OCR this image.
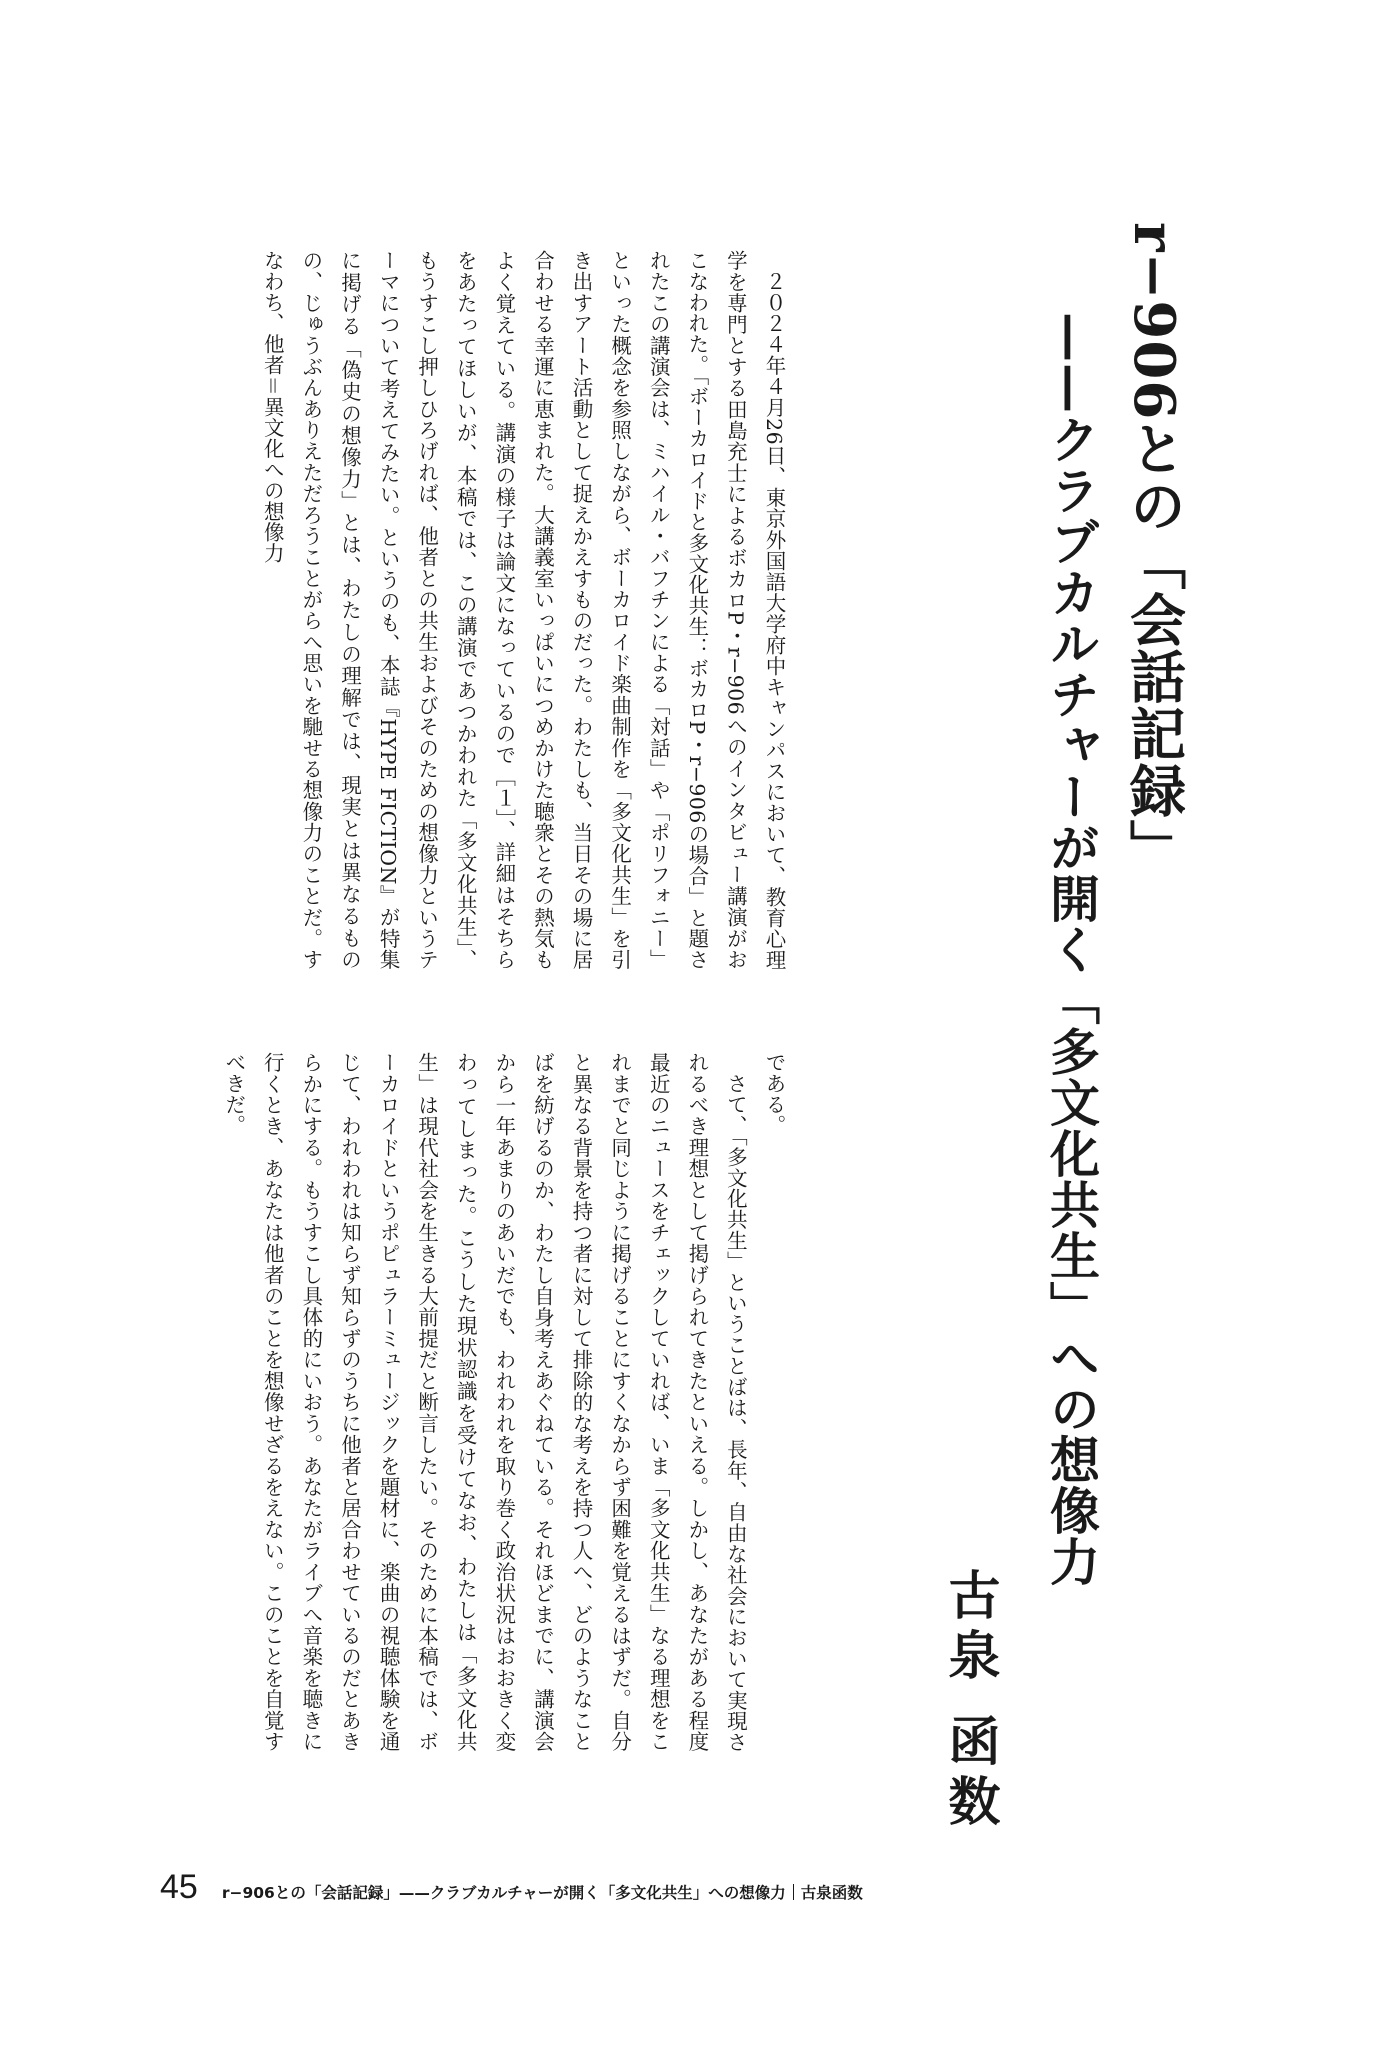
r−906との「会話記録」
——クラブカルチャーが開く「多文化共生」への想像力
古泉 函数

２０２４年４月26日、東京外国語大学府中キャンパスにおいて、教育心理学を専門とする田島充士によるボカロP・r−906へのインタビュー講演がおこなわれた。「ボーカロイドと多文化共生：ボカロP・r−906の場合」と題されたこの講演会は、ミハイル・バフチンによる「対話」や「ポリフォニー」といった概念を参照しながら、ボーカロイド楽曲制作を「多文化共生」を引き出すアート活動として捉えかえすものだった。わたしも、当日その場に居合わせる幸運に恵まれた。大講義室いっぱいにつめかけた聴衆とその熱気もよく覚えている。講演の様子は論文になっているので［１］、詳細はそちらをあたってほしいが、本稿では、この講演であつかわれた「多文化共生」、もうすこし押しひろげれば、他者との共生およびそのための想像力というテーマについて考えてみたい。というのも、本誌『HYPE FICTION』が特集に掲げる「偽史の想像力」とは、わたしの理解では、現実とは異なるものの、じゅうぶんありえただろうことがらへ思いを馳せる想像力のことだ。すなわち、他者＝異文化への想像力

である。

さて、「多文化共生」ということばは、長年、自由な社会において実現されるべき理想として掲げられてきたといえる。しかし、あなたがある程度最近のニュースをチェックしていれば、いま「多文化共生」なる理想をこれまでと同じように掲げることにすくなからず困難を覚えるはずだ。自分と異なる背景を持つ者に対して排除的な考えを持つ人へ、どのようなことばを紡げるのか、わたし自身考えあぐねている。それほどまでに、講演会から一年あまりのあいだでも、われわれを取り巻く政治状況はおおきく変わってしまった。こうした現状認識を受けてなお、わたしは「多文化共生」は現代社会を生きる大前提だと断言したい。そのために本稿では、ボーカロイドというポピュラーミュージックを題材に、楽曲の視聴体験を通じて、われわれは知らず知らずのうちに他者と居合わせているのだとあきらかにする。もうすこし具体的にいおう。あなたがライブへ音楽を聴きに行くとき、あなたは他者のことを想像せざるをえない。このことを自覚すべきだ。

45 r−906との「会話記録」——クラブカルチャーが開く「多文化共生」への想像力 古泉函数
